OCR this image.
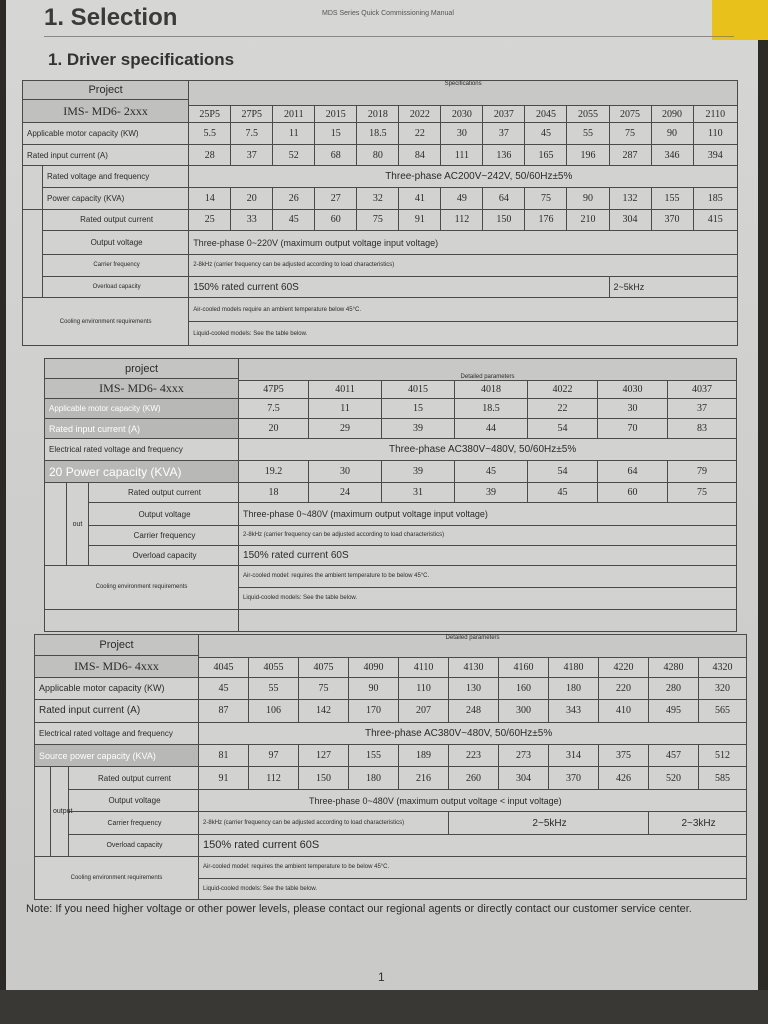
1. Selection	MDS Series Quick Commissioning Manual
1. Driver specifications
Project		Specifications												
IMS- MD6- 2xxx														
		25P5	27P5	2011	2015	2018	2022	2030	2037	2045	2055	2075	2090	2110
Applicable motor capacity (KW)		5.5	7.5	11	15	18.5	22	30	37	45	55	75	90	110
Rated input current (A)		28	37	52	68	80	84	111	136	165	196	287	346	394
	Rated voltage and frequency	Three-phase AC200V~242V, 50/60Hz±5%												
	Power capacity (KVA)	14	20	26	27	32	41	49	64	75	90	132	155	185
	Rated output current	25	33	45	60	75	91	112	150	176	210	304	370	415
	Output voltage	Three-phase 0~220V (maximum output voltage input voltage)												
	Carrier frequency	2-8kHz (carrier frequency can be adjusted according to load characteristics)												
	Overload capacity	150% rated current 60S										2~5kHz		
Cooling environment requirements		Air-cooled models require an ambient temperature below 45°C.												
		Liquid-cooled models: See the table below.												
project			Detailed parameters						
IMS- MD6- 4xxx									
			47P5	4011	4015	4018	4022	4030	4037
Applicable motor capacity (KW)			7.5	11	15	18.5	22	30	37
Rated input current (A)			20	29	39	44	54	70	83
Electrical rated voltage and frequency			Three-phase AC380V~480V, 50/60Hz±5%						
20 Power capacity (KVA)			19.2	30	39	45	54	64	79
	out	Rated output current	18	24	31	39	45	60	75
		Output voltage	Three-phase 0~480V (maximum output voltage input voltage)						
		Carrier frequency	2-8kHz (carrier frequency can be adjusted according to load characteristics)						
		Overload capacity	150% rated current 60S						
Cooling environment requirements			Air-cooled model: requires the ambient temperature to be below 45°C.						
			Liquid-cooled models: See the table below.						

Project			Detailed parameters										
IMS- MD6- 4xxx													
			4045	4055	4075	4090	4110	4130	4160	4180	4220	4280	4320
Applicable motor capacity (KW)			45	55	75	90	110	130	160	180	220	280	320
Rated input current (A)			87	106	142	170	207	248	300	343	410	495	565
Electrical rated voltage and frequency			Three-phase AC380V~480V, 50/60Hz±5%										
Source power capacity (KVA)			81	97	127	155	189	223	273	314	375	457	512
	output	Rated output current	91	112	150	180	216	260	304	370	426	520	585
		Output voltage	Three-phase 0~480V (maximum output voltage < input voltage)										
		Carrier frequency	2-8kHz (carrier frequency can be adjusted according to load characteristics)					2~5kHz				2~3kHz	
		Overload capacity	150% rated current 60S										
Cooling environment requirements			Air-cooled model: requires the ambient temperature to be below 45°C.										
			Liquid-cooled models: See the table below.										
Note: If you need higher voltage or other power levels, please contact our regional agents or directly contact our customer service center.
1
